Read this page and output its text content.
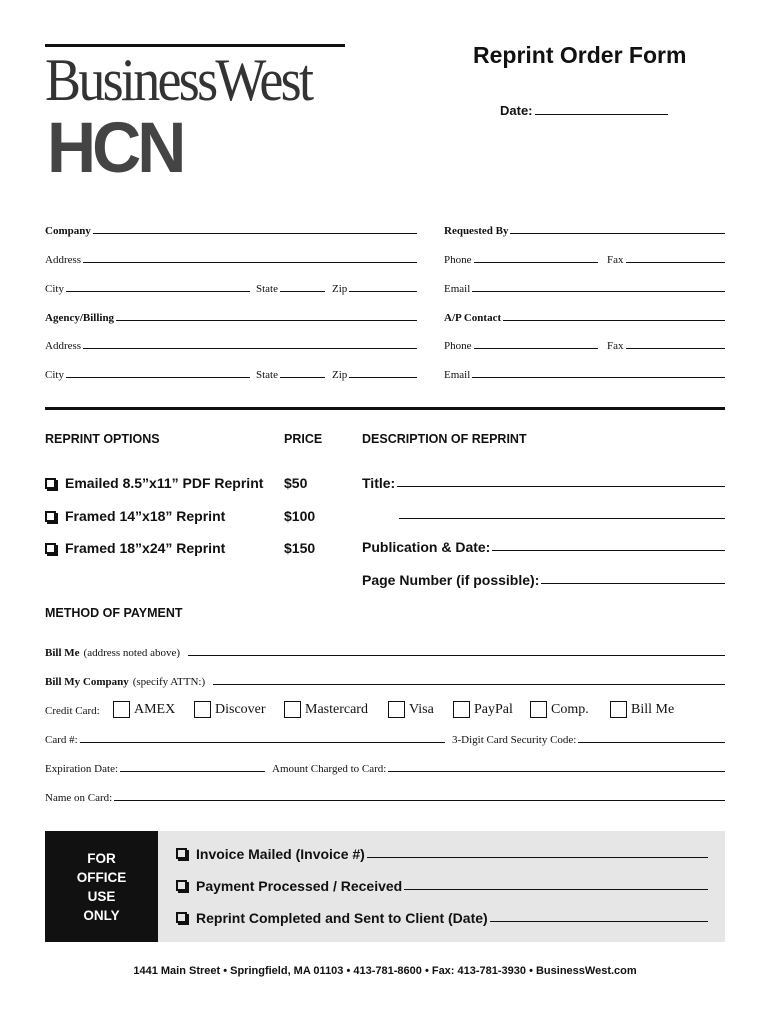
BusinessWest
HCN
Reprint Order Form
Date:
Company
Address
City	State	Zip
Agency/Billing
Address
City	State	Zip
Requested By
Phone	Fax
Email
A/P Contact
Phone	Fax
Email
REPRINT OPTIONS	PRICE	DESCRIPTION OF REPRINT
Emailed 8.5”x11” PDF Reprint $50
Framed 14”x18” Reprint	$100
Framed 18”x24” Reprint	$150
Title:
Publication & Date:
Page Number (if possible):
METHOD OF PAYMENT
Bill Me (address noted above)
Bill My Company (specify ATTN:)
Credit Card: AMEX	Discover	Mastercard	Visa	PayPal	Comp.	Bill Me
Card #:	3-Digit Card Security Code:
Expiration Date:	Amount Charged to Card:
Name on Card:
FOR
OFFICE
USE
ONLY
Invoice Mailed (Invoice #)
Payment Processed / Received
Reprint Completed and Sent to Client (Date)
1441 Main Street • Springfield, MA 01103 • 413-781-8600 • Fax: 413-781-3930 • BusinessWest.com
